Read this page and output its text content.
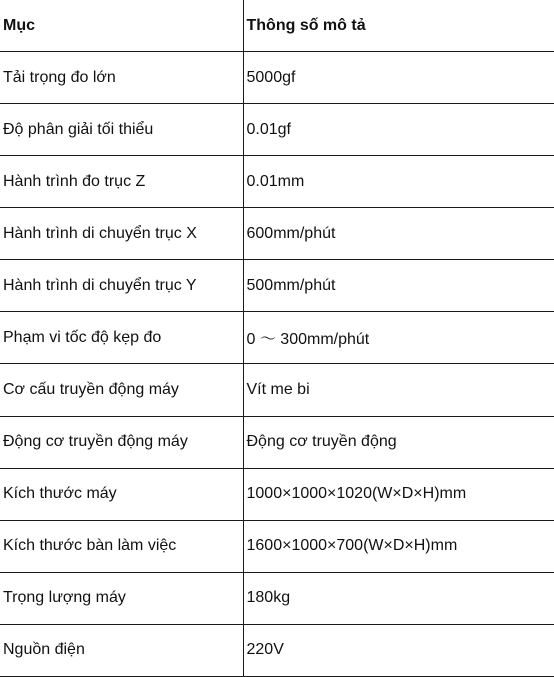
Mục	Thông số mô tả
Tải trọng đo lớn	5000gf
Độ phân giải tối thiểu	0.01gf
Hành trình đo trục Z	0.01mm
Hành trình di chuyển trục X	600mm/phút
Hành trình di chuyển trục Y	500mm/phút
Phạm vi tốc độ kẹp đo	0 ～ 300mm/phút
Cơ cấu truyền động máy	Vít me bi
Động cơ truyền động máy	Động cơ truyền động
Kích thước máy	1000×1000×1020(W×D×H)mm
Kích thước bàn làm việc	1600×1000×700(W×D×H)mm
Trọng lượng máy	180kg
Nguồn điện	220V
